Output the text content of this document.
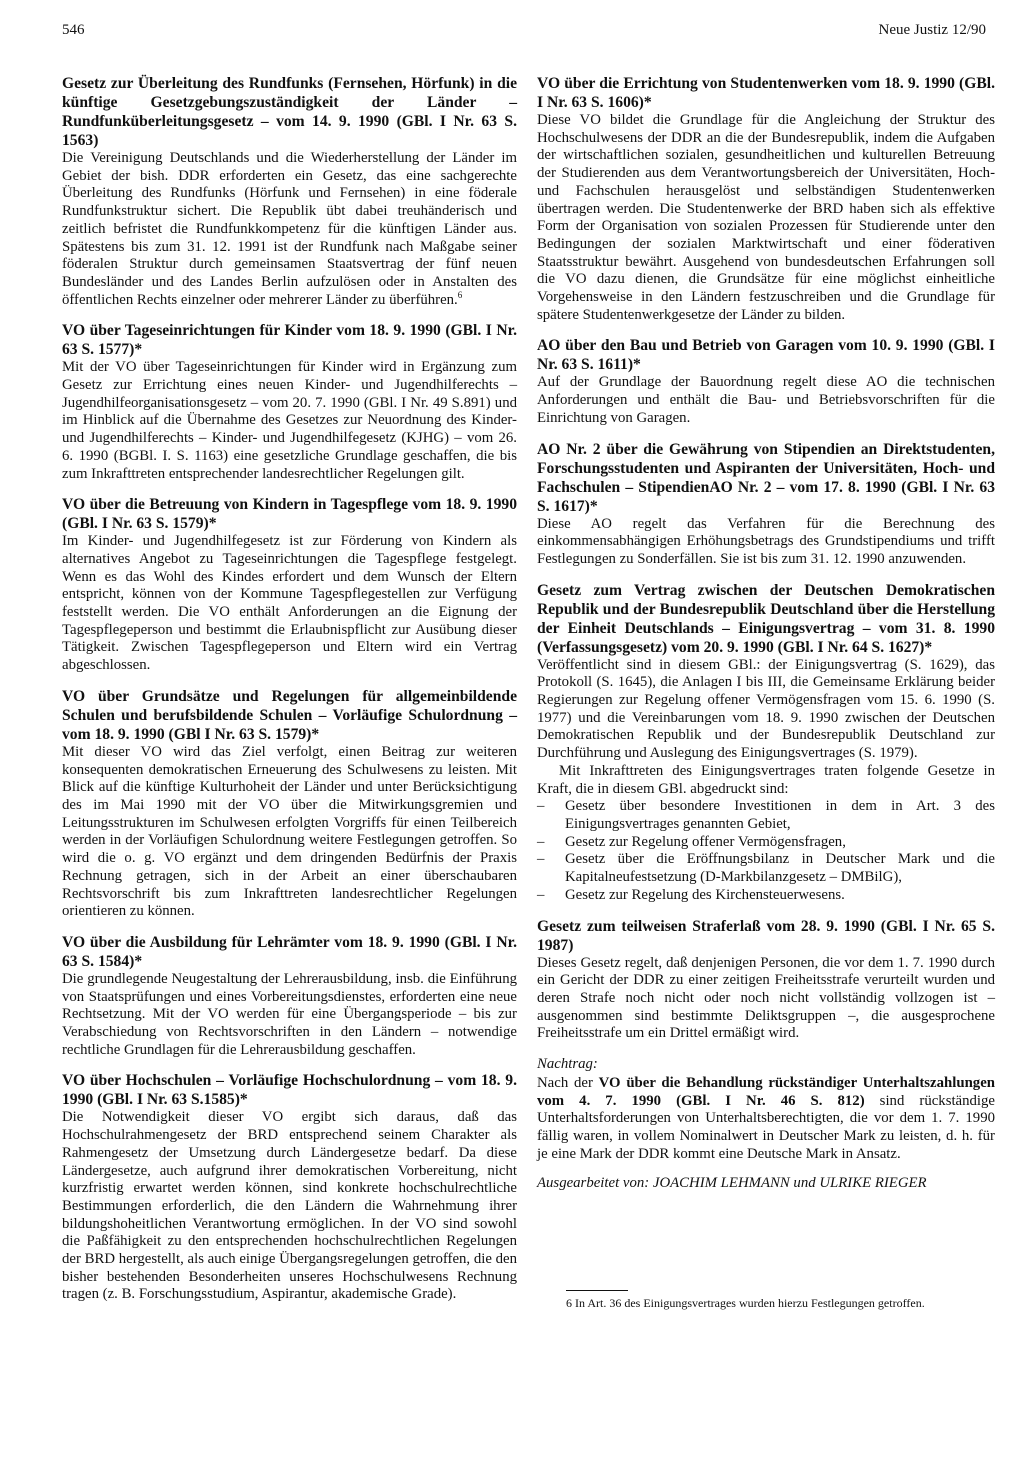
546	Neue Justiz 12/90
Gesetz zur Überleitung des Rundfunks (Fernsehen, Hörfunk) in die künftige Gesetzgebungszuständigkeit der Länder – Rundfunküberleitungsgesetz – vom 14. 9. 1990 (GBl. I Nr. 63 S. 1563)

Die Vereinigung Deutschlands und die Wiederherstellung der Länder im Gebiet der bish. DDR erforderten ein Gesetz, das eine sachgerechte Überleitung des Rundfunks (Hörfunk und Fernsehen) in eine föderale Rundfunkstruktur sichert. Die Republik übt dabei treuhänderisch und zeitlich befristet die Rundfunkkompetenz für die künftigen Länder aus. Spätestens bis zum 31. 12. 1991 ist der Rundfunk nach Maßgabe seiner föderalen Struktur durch gemeinsamen Staatsvertrag der fünf neuen Bundesländer und des Landes Berlin aufzulösen oder in Anstalten des öffentlichen Rechts einzelner oder mehrerer Länder zu überführen.$^6$

VO über Tageseinrichtungen für Kinder vom 18. 9. 1990 (GBl. I Nr. 63 S. 1577)*

Mit der VO über Tageseinrichtungen für Kinder wird in Ergänzung zum Gesetz zur Errichtung eines neuen Kinder- und Jugendhilferechts – Jugendhilfeorganisationsgesetz – vom 20. 7. 1990 (GBl. I Nr. 49 S.891) und im Hinblick auf die Übernahme des Gesetzes zur Neuordnung des Kinder- und Jugendhilferechts – Kinder- und Jugendhilfegesetz (KJHG) – vom 26. 6. 1990 (BGBl. I. S. 1163) eine gesetzliche Grundlage geschaffen, die bis zum Inkrafttreten entsprechender landesrechtlicher Regelungen gilt.

VO über die Betreuung von Kindern in Tagespflege vom 18. 9. 1990 (GBl. I Nr. 63 S. 1579)*

Im Kinder- und Jugendhilfegesetz ist zur Förderung von Kindern als alternatives Angebot zu Tageseinrichtungen die Tagespflege festgelegt. Wenn es das Wohl des Kindes erfordert und dem Wunsch der Eltern entspricht, können von der Kommune Tagespflegestellen zur Verfügung feststellt werden. Die VO enthält Anforderungen an die Eignung der Tagespflegeperson und bestimmt die Erlaubnispflicht zur Ausübung dieser Tätigkeit. Zwischen Tagespflegeperson und Eltern wird ein Vertrag abgeschlossen.

VO über Grundsätze und Regelungen für allgemeinbildende Schulen und berufsbildende Schulen – Vorläufige Schulordnung – vom 18. 9. 1990 (GBl I Nr. 63 S. 1579)*

Mit dieser VO wird das Ziel verfolgt, einen Beitrag zur weiteren konsequenten demokratischen Erneuerung des Schulwesens zu leisten. Mit Blick auf die künftige Kulturhoheit der Länder und unter Berücksichtigung des im Mai 1990 mit der VO über die Mitwirkungsgremien und Leitungsstrukturen im Schulwesen erfolgten Vorgriffs für einen Teilbereich werden in der Vorläufigen Schulordnung weitere Festlegungen getroffen. So wird die o. g. VO ergänzt und dem dringenden Bedürfnis der Praxis Rechnung getragen, sich in der Arbeit an einer überschaubaren Rechtsvorschrift bis zum Inkrafttreten landesrechtlicher Regelungen orientieren zu können.

VO über die Ausbildung für Lehrämter vom 18. 9. 1990 (GBl. I Nr. 63 S. 1584)*

Die grundlegende Neugestaltung der Lehrerausbildung, insb. die Einführung von Staatsprüfungen und eines Vorbereitungsdienstes, erforderten eine neue Rechtsetzung. Mit der VO werden für eine Übergangsperiode – bis zur Verabschiedung von Rechtsvorschriften in den Ländern – notwendige rechtliche Grundlagen für die Lehrerausbildung geschaffen.

VO über Hochschulen – Vorläufige Hochschulordnung – vom 18. 9. 1990 (GBl. I Nr. 63 S.1585)*

Die Notwendigkeit dieser VO ergibt sich daraus, daß das Hochschulrahmengesetz der BRD entsprechend seinem Charakter als Rahmengesetz der Umsetzung durch Ländergesetze bedarf. Da diese Ländergesetze, auch aufgrund ihrer demokratischen Vorbereitung, nicht kurzfristig erwartet werden können, sind konkrete hochschulrechtliche Bestimmungen erforderlich, die den Ländern die Wahrnehmung ihrer bildungshoheitlichen Verantwortung ermöglichen. In der VO sind sowohl die Paßfähigkeit zu den entsprechenden hochschulrechtlichen Regelungen der BRD hergestellt, als auch einige Übergangsregelungen getroffen, die den bisher bestehenden Besonderheiten unseres Hochschulwesens Rechnung tragen (z. B. Forschungsstudium, Aspirantur, akademische Grade).

VO über die Errichtung von Studentenwerken vom 18. 9. 1990 (GBl. I Nr. 63 S. 1606)*

Diese VO bildet die Grundlage für die Angleichung der Struktur des Hochschulwesens der DDR an die der Bundesrepublik, indem die Aufgaben der wirtschaftlichen sozialen, gesundheitlichen und kulturellen Betreuung der Studierenden aus dem Verantwortungsbereich der Universitäten, Hoch- und Fachschulen herausgelöst und selbständigen Studentenwerken übertragen werden. Die Studentenwerke der BRD haben sich als effektive Form der Organisation von sozialen Prozessen für Studierende unter den Bedingungen der sozialen Marktwirtschaft und einer föderativen Staatsstruktur bewährt. Ausgehend von bundesdeutschen Erfahrungen soll die VO dazu dienen, die Grundsätze für eine möglichst einheitliche Vorgehensweise in den Ländern festzuschreiben und die Grundlage für spätere Studentenwerkgesetze der Länder zu bilden.

AO über den Bau und Betrieb von Garagen vom 10. 9. 1990 (GBl. I Nr. 63 S. 1611)*

Auf der Grundlage der Bauordnung regelt diese AO die technischen Anforderungen und enthält die Bau- und Betriebsvorschriften für die Einrichtung von Garagen.

AO Nr. 2 über die Gewährung von Stipendien an Direktstudenten, Forschungsstudenten und Aspiranten der Universitäten, Hoch- und Fachschulen – StipendienAO Nr. 2 – vom 17. 8. 1990 (GBl. I Nr. 63 S. 1617)*

Diese AO regelt das Verfahren für die Berechnung des einkommensabhängigen Erhöhungsbetrags des Grundstipendiums und trifft Festlegungen zu Sonderfällen. Sie ist bis zum 31. 12. 1990 anzuwenden.

Gesetz zum Vertrag zwischen der Deutschen Demokratischen Republik und der Bundesrepublik Deutschland über die Herstellung der Einheit Deutschlands – Einigungsvertrag – vom 31. 8. 1990 (Verfassungsgesetz) vom 20. 9. 1990 (GBl. I Nr. 64 S. 1627)*

Veröffentlicht sind in diesem GBl.: der Einigungsvertrag (S. 1629), das Protokoll (S. 1645), die Anlagen I bis III, die Gemeinsame Erklärung beider Regierungen zur Regelung offener Vermögensfragen vom 15. 6. 1990 (S. 1977) und die Vereinbarungen vom 18. 9. 1990 zwischen der Deutschen Demokratischen Republik und der Bundesrepublik Deutschland zur Durchführung und Auslegung des Einigungsvertrages (S. 1979).

Mit Inkrafttreten des Einigungsvertrages traten folgende Gesetze in Kraft, die in diesem GBl. abgedruckt sind:

– Gesetz über besondere Investitionen in dem in Art. 3 des Einigungsvertrages genannten Gebiet,
– Gesetz zur Regelung offener Vermögensfragen,
– Gesetz über die Eröffnungsbilanz in Deutscher Mark und die Kapitalneufestsetzung (D-Markbilanzgesetz – DMBilG),
– Gesetz zur Regelung des Kirchensteuerwesens.
Gesetz zum teilweisen Straferlaß vom 28. 9. 1990 (GBl. I Nr. 65 S. 1987)

Dieses Gesetz regelt, daß denjenigen Personen, die vor dem 1. 7. 1990 durch ein Gericht der DDR zu einer zeitigen Freiheitsstrafe verurteilt wurden und deren Strafe noch nicht oder noch nicht vollständig vollzogen ist – ausgenommen sind bestimmte Deliktsgruppen –, die ausgesprochene Freiheitsstrafe um ein Drittel ermäßigt wird.

Nachtrag:

Nach der VO über die Behandlung rückständiger Unterhaltszahlungen vom 4. 7. 1990 (GBl. I Nr. 46 S. 812) sind rückständige Unterhaltsforderungen von Unterhaltsberechtigten, die vor dem 1. 7. 1990 fällig waren, in vollem Nominalwert in Deutscher Mark zu leisten, d. h. für je eine Mark der DDR kommt eine Deutsche Mark in Ansatz.

Ausgearbeitet von: JOACHIM LEHMANN und ULRIKE RIEGER

6 In Art. 36 des Einigungsvertrages wurden hierzu Festlegungen getroffen.
